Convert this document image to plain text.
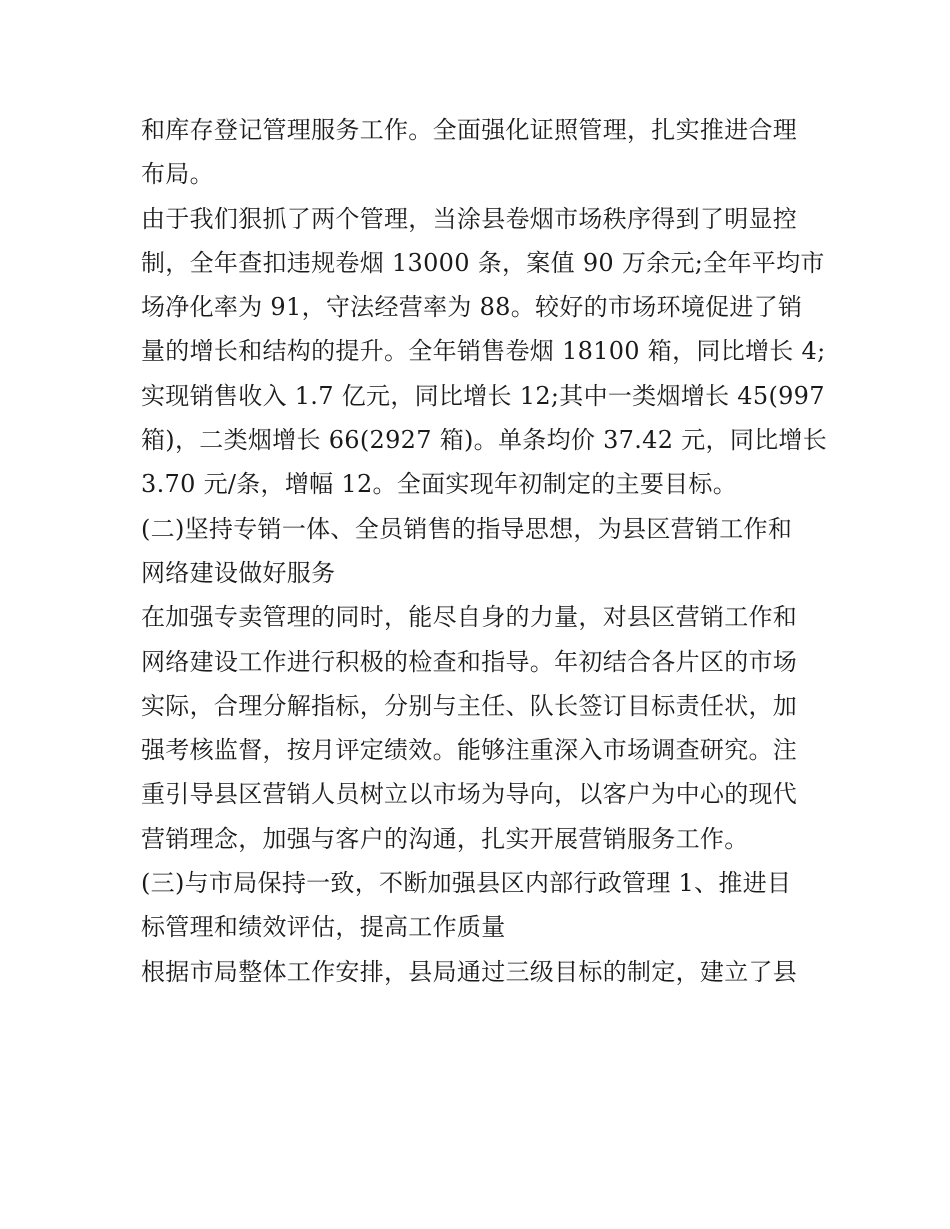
和库存登记管理服务工作。全面强化证照管理，扎实推进合理
布局。
由于我们狠抓了两个管理，当涂县卷烟市场秩序得到了明显控
制，全年查扣违规卷烟 13000 条，案值 90 万余元;全年平均市
场净化率为 91，守法经营率为 88。较好的市场环境促进了销
量的增长和结构的提升。全年销售卷烟 18100 箱，同比增长 4;
实现销售收入 1.7 亿元，同比增长 12;其中一类烟增长 45(997
箱)，二类烟增长 66(2927 箱)。单条均价 37.42 元，同比增长
3.70 元/条，增幅 12。全面实现年初制定的主要目标。
(二)坚持专销一体、全员销售的指导思想，为县区营销工作和
网络建设做好服务
在加强专卖管理的同时，能尽自身的力量，对县区营销工作和
网络建设工作进行积极的检查和指导。年初结合各片区的市场
实际，合理分解指标，分别与主任、队长签订目标责任状，加
强考核监督，按月评定绩效。能够注重深入市场调查研究。注
重引导县区营销人员树立以市场为导向，以客户为中心的现代
营销理念，加强与客户的沟通，扎实开展营销服务工作。
(三)与市局保持一致，不断加强县区内部行政管理 1、推进目
标管理和绩效评估，提高工作质量
根据市局整体工作安排，县局通过三级目标的制定，建立了县
